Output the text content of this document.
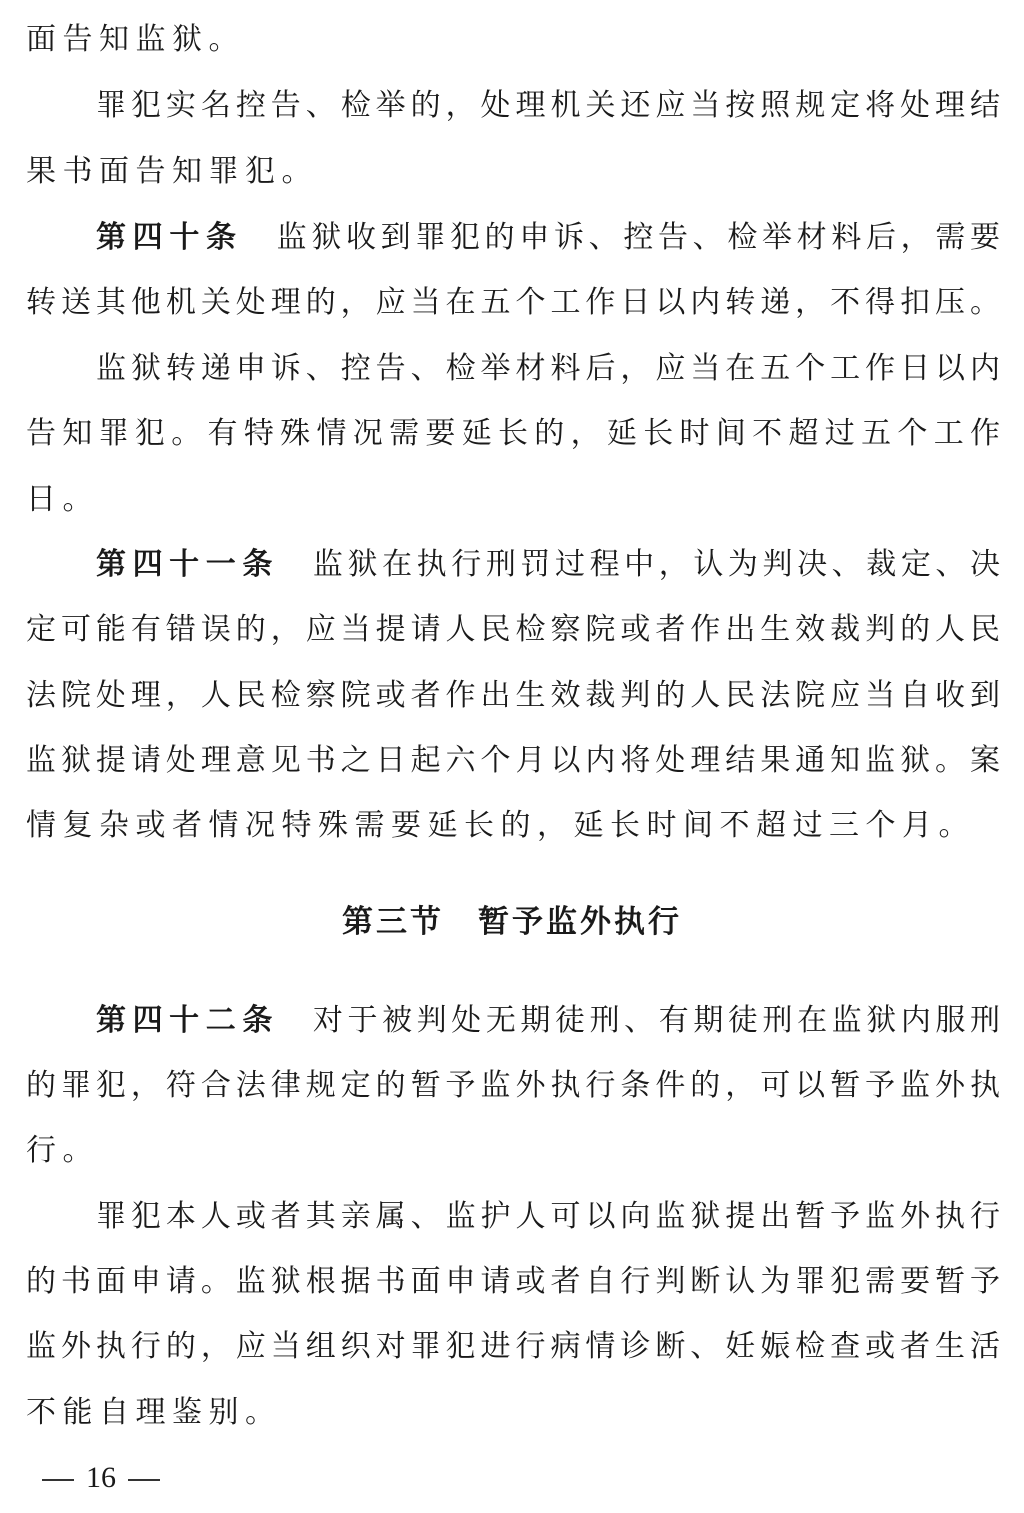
面告知监狱。
罪犯实名控告、检举的，处理机关还应当按照规定将处理结
果书面告知罪犯。
第四十条 监狱收到罪犯的申诉、控告、检举材料后，需要
转送其他机关处理的，应当在五个工作日以内转递，不得扣压。
监狱转递申诉、控告、检举材料后，应当在五个工作日以内
告知罪犯。有特殊情况需要延长的，延长时间不超过五个工作
日。
第四十一条 监狱在执行刑罚过程中，认为判决、裁定、决
定可能有错误的，应当提请人民检察院或者作出生效裁判的人民
法院处理，人民检察院或者作出生效裁判的人民法院应当自收到
监狱提请处理意见书之日起六个月以内将处理结果通知监狱。案
情复杂或者情况特殊需要延长的，延长时间不超过三个月。
第三节 暂予监外执行
第四十二条 对于被判处无期徒刑、有期徒刑在监狱内服刑
的罪犯，符合法律规定的暂予监外执行条件的，可以暂予监外执
行。
罪犯本人或者其亲属、监护人可以向监狱提出暂予监外执行
的书面申请。监狱根据书面申请或者自行判断认为罪犯需要暂予
监外执行的，应当组织对罪犯进行病情诊断、妊娠检查或者生活
不能自理鉴别。
16
